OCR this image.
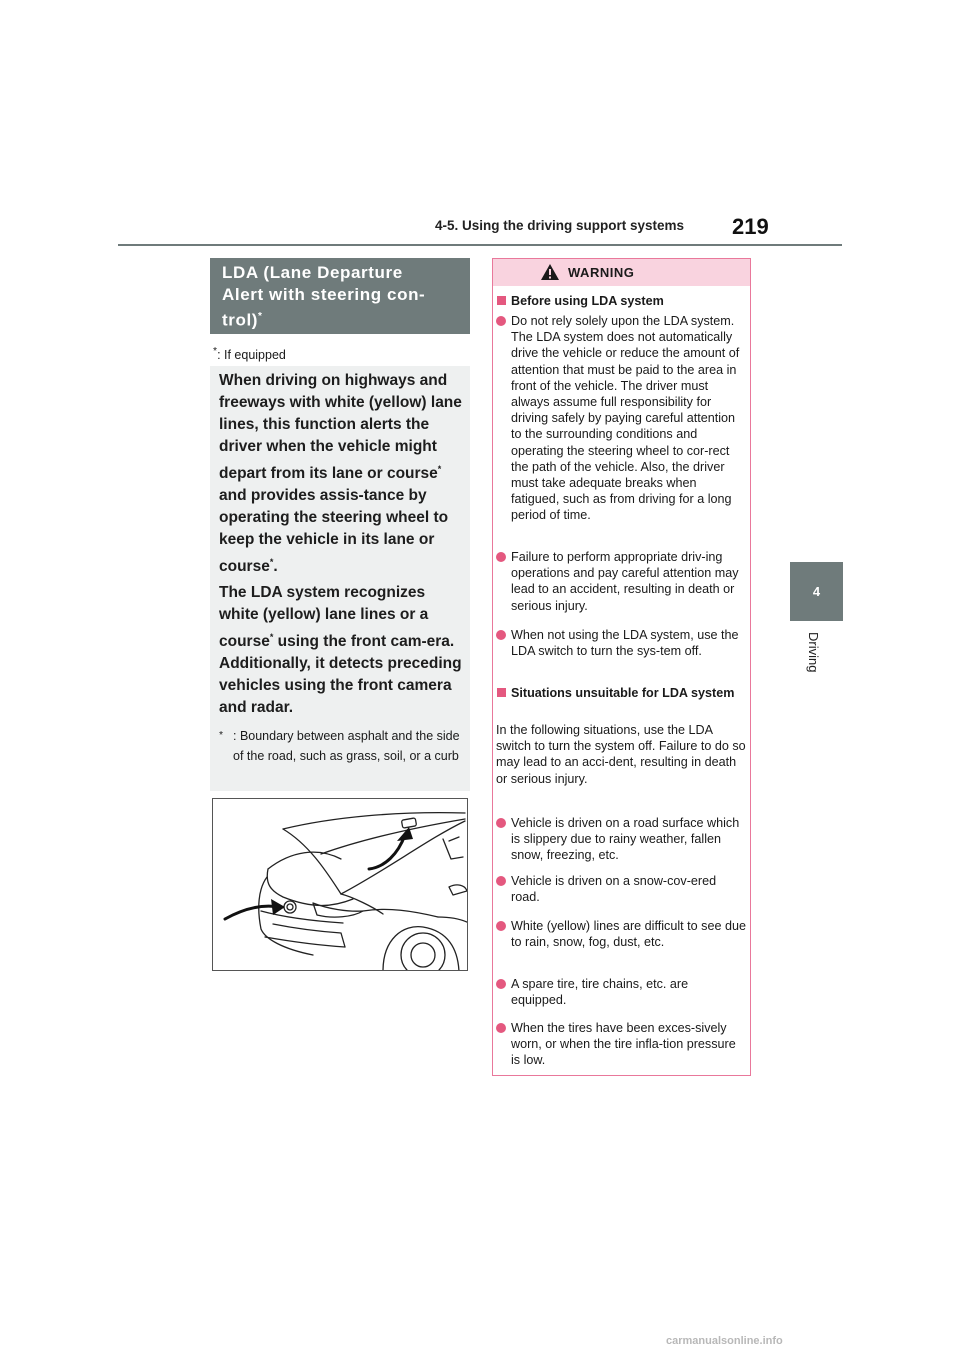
4-5. Using the driving support systems 219
4
Driving
LDA (Lane Departure
Alert with steering con-
trol)*
*: If equipped

When driving on highways and freeways with white (yellow) lane lines, this function alerts the driver when the vehicle might depart from its lane or course* and provides assis-tance by operating the steering wheel to keep the vehicle in its lane or course*.

The LDA system recognizes white (yellow) lane lines or a course* using the front cam-era. Additionally, it detects preceding vehicles using the front camera and radar.

* : Boundary between asphalt and the side of the road, such as grass, soil, or a curb
WARNING
Before using LDA system
Do not rely solely upon the LDA system. The LDA system does not automatically drive the vehicle or reduce the amount of attention that must be paid to the area in front of the vehicle. The driver must always assume full responsibility for driving safely by paying careful attention to the surrounding conditions and operating the steering wheel to cor-rect the path of the vehicle. Also, the driver must take adequate breaks when fatigued, such as from driving for a long period of time.
Failure to perform appropriate driv-ing operations and pay careful attention may lead to an accident, resulting in death or serious injury.
When not using the LDA system, use the LDA switch to turn the sys-tem off.
Situations unsuitable for LDA system
In the following situations, use the LDA switch to turn the system off. Failure to do so may lead to an acci-dent, resulting in death or serious injury.
Vehicle is driven on a road surface which is slippery due to rainy weather, fallen snow, freezing, etc.
Vehicle is driven on a snow-cov-ered road.
White (yellow) lines are difficult to see due to rain, snow, fog, dust, etc.
A spare tire, tire chains, etc. are equipped.
When the tires have been exces-sively worn, or when the tire infla-tion pressure is low.
carmanualsonline.info
